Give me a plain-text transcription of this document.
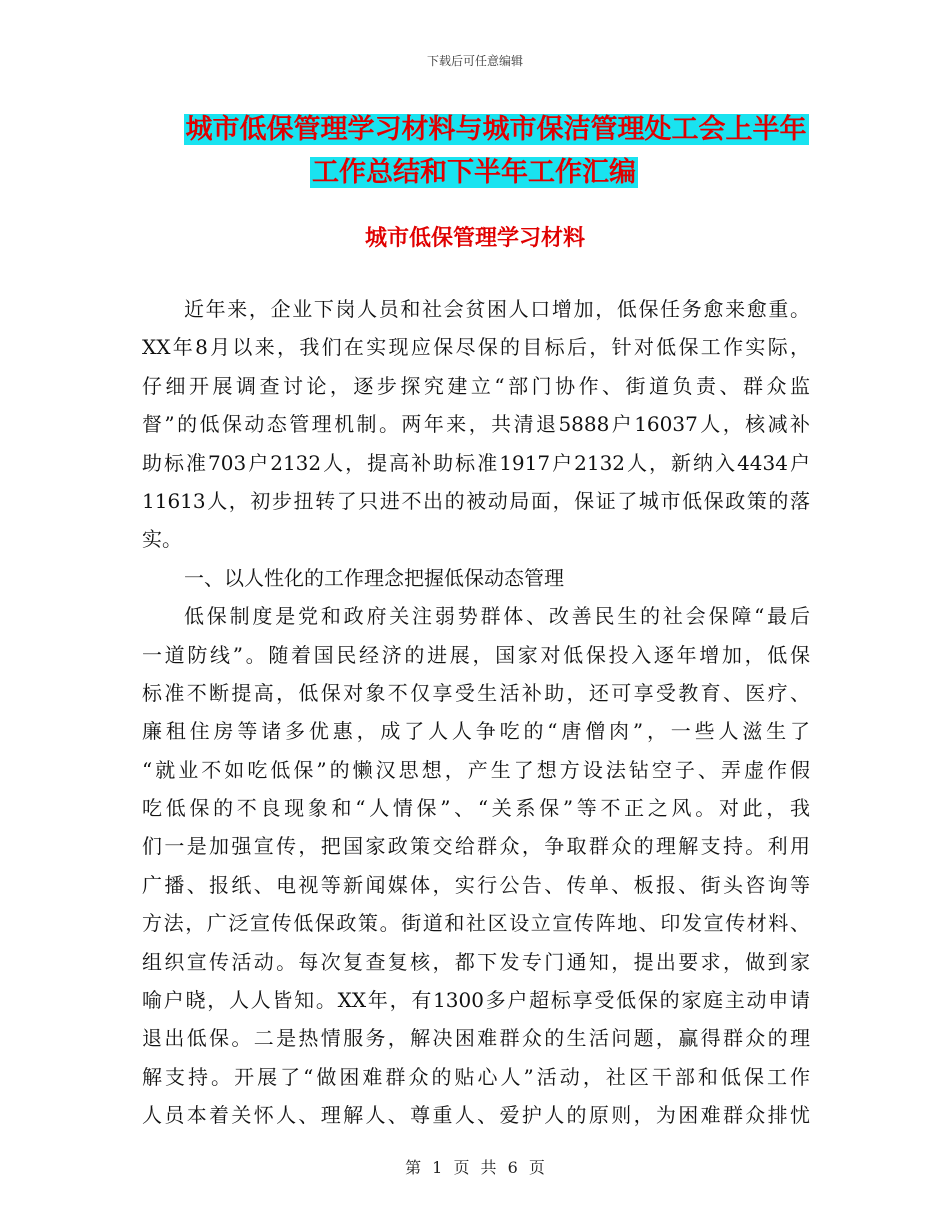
下载后可任意编辑
城市低保管理学习材料与城市保洁管理处工会上半年
工作总结和下半年工作汇编
城市低保管理学习材料
近年来，企业下岗人员和社会贫困人口增加，低保任务愈来愈重。
XX年8月以来，我们在实现应保尽保的目标后，针对低保工作实际，
仔细开展调查讨论，逐步探究建立“部门协作、街道负责、群众监
督”的低保动态管理机制。两年来，共清退5888户16037人，核减补
助标准703户2132人，提高补助标准1917户2132人，新纳入4434户
11613人，初步扭转了只进不出的被动局面，保证了城市低保政策的落
实。
一、以人性化的工作理念把握低保动态管理
低保制度是党和政府关注弱势群体、改善民生的社会保障“最后
一道防线”。随着国民经济的进展，国家对低保投入逐年增加，低保
标准不断提高，低保对象不仅享受生活补助，还可享受教育、医疗、
廉租住房等诸多优惠，成了人人争吃的“唐僧肉”，一些人滋生了
“就业不如吃低保”的懒汉思想，产生了想方设法钻空子、弄虚作假
吃低保的不良现象和“人情保”、“关系保”等不正之风。对此，我
们一是加强宣传，把国家政策交给群众，争取群众的理解支持。利用
广播、报纸、电视等新闻媒体，实行公告、传单、板报、街头咨询等
方法，广泛宣传低保政策。街道和社区设立宣传阵地、印发宣传材料、
组织宣传活动。每次复查复核，都下发专门通知，提出要求，做到家
喻户晓，人人皆知。XX年，有1300多户超标享受低保的家庭主动申请
退出低保。二是热情服务，解决困难群众的生活问题，赢得群众的理
解支持。开展了“做困难群众的贴心人”活动，社区干部和低保工作
人员本着关怀人、理解人、尊重人、爱护人的原则，为困难群众排忧
第 1 页 共 6 页
